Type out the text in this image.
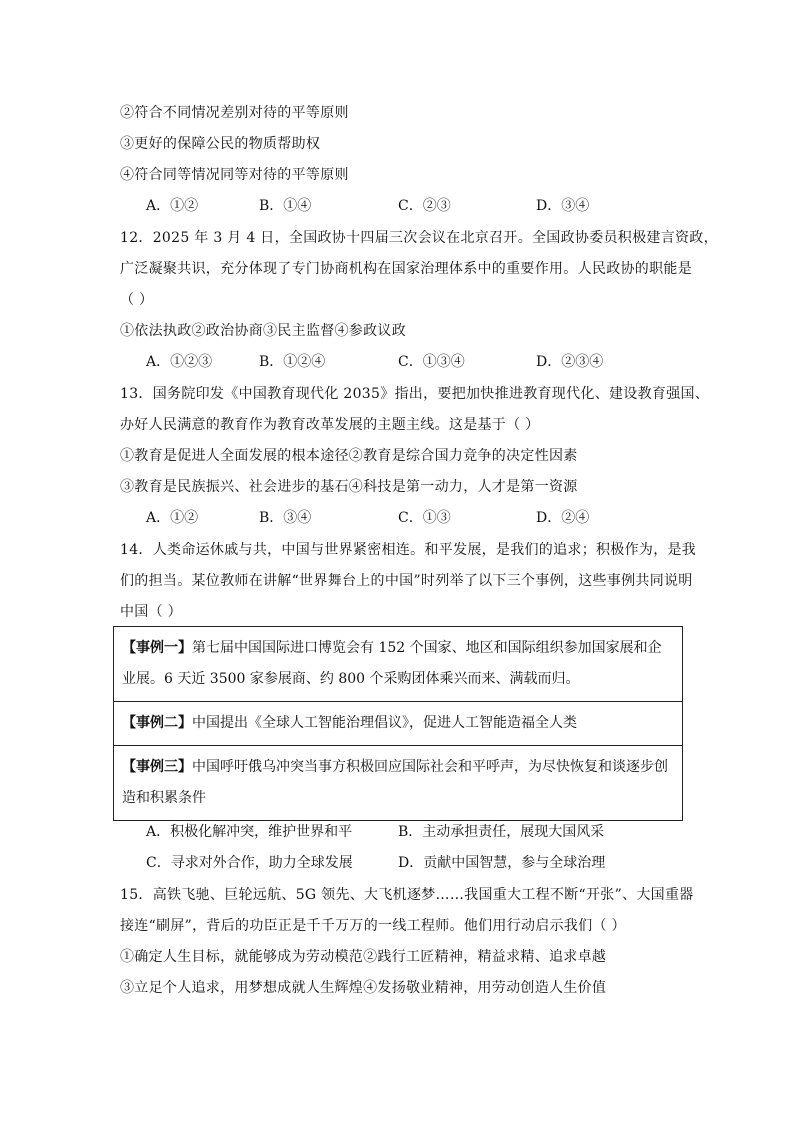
②符合不同情况差别对待的平等原则
③更好的保障公民的物质帮助权
④符合同等情况同等对待的平等原则
A．①②	B．①④	C．②③	D．③④
12．2025 年 3 月 4 日，全国政协十四届三次会议在北京召开。全国政协委员积极建言资政，
广泛凝聚共识，充分体现了专门协商机构在国家治理体系中的重要作用。人民政协的职能是
（ ）
①依法执政②政治协商③民主监督④参政议政
A．①②③	B．①②④	C．①③④	D．②③④
13．国务院印发《中国教育现代化 2035》指出，要把加快推进教育现代化、建设教育强国、
办好人民满意的教育作为教育改革发展的主题主线。这是基于（ ）
①教育是促进人全面发展的根本途径②教育是综合国力竞争的决定性因素
③教育是民族振兴、社会进步的基石④科技是第一动力，人才是第一资源
A．①②	B．③④	C．①③	D．②④
14．人类命运休戚与共，中国与世界紧密相连。和平发展，是我们的追求；积极作为，是我
们的担当。某位教师在讲解“世界舞台上的中国”时列举了以下三个事例，这些事例共同说明
中国（ ）
【事例一】第七届中国国际进口博览会有 152 个国家、地区和国际组织参加国家展和企业展。6 天近 3500 家参展商、约 800 个采购团体乘兴而来、满载而归。
【事例二】中国提出《全球人工智能治理倡议》，促进人工智能造福全人类
【事例三】中国呼吁俄乌冲突当事方积极回应国际社会和平呼声，为尽快恢复和谈逐步创造和积累条件
A．积极化解冲突，维护世界和平	B．主动承担责任，展现大国风采
C．寻求对外合作，助力全球发展	D．贡献中国智慧，参与全球治理
15．高铁飞驰、巨轮远航、5G 领先、大飞机逐梦……我国重大工程不断“开张”、大国重器
接连“刷屏”，背后的功臣正是千千万万的一线工程师。他们用行动启示我们（ ）
①确定人生目标，就能够成为劳动模范②践行工匠精神，精益求精、追求卓越
③立足个人追求，用梦想成就人生辉煌④发扬敬业精神，用劳动创造人生价值
